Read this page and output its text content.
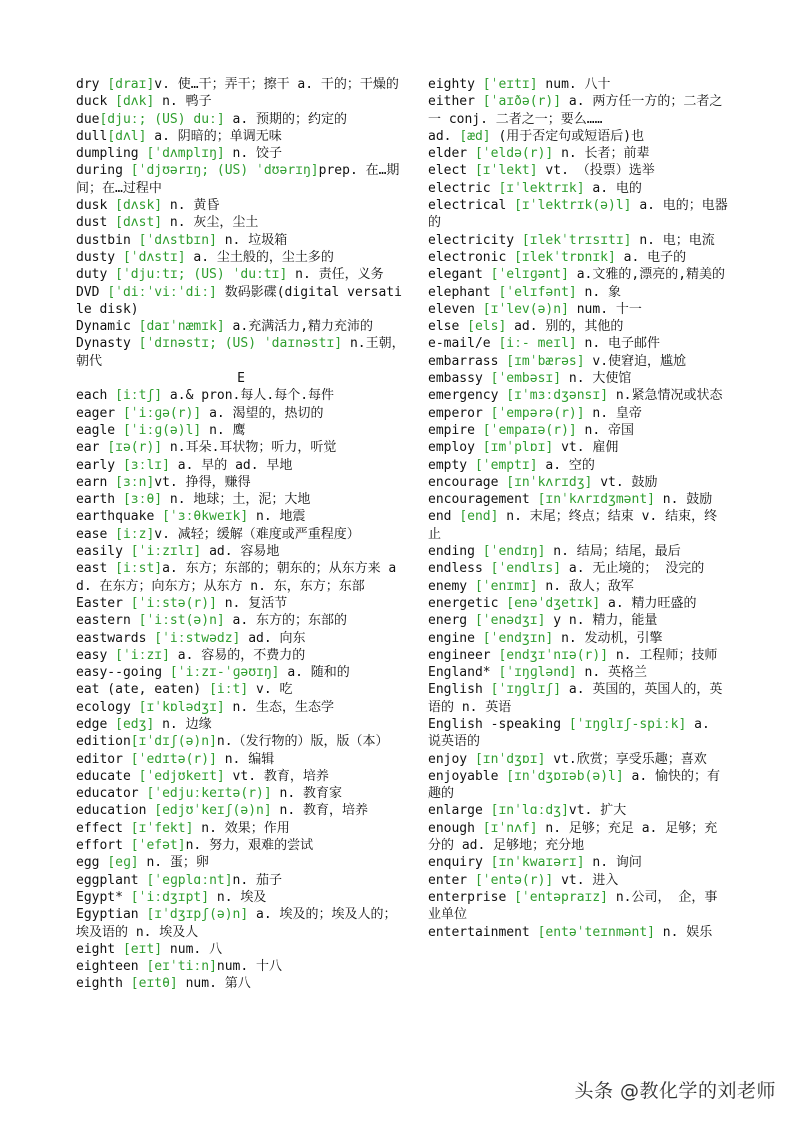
dry [draɪ]v. 使…干；弄干；擦干 a. 干的；干燥的
duck [dʌk] n. 鸭子
due[djuː; (US) duː] a. 预期的；约定的
dull[dʌl] a. 阴暗的；单调无味
dumpling [ˈdʌmplɪŋ] n. 饺子
during [ˈdjʊərɪŋ; (US) ˈdʊərɪŋ]prep. 在…期间；在…过程中
dusk [dʌsk] n. 黄昏
dust [dʌst] n. 灰尘，尘土
dustbin [ˈdʌstbɪn] n. 垃圾箱
dusty [ˈdʌstɪ] a. 尘土般的，尘土多的
duty [ˈdjuːtɪ; (US) ˈduːtɪ] n. 责任，义务
DVD [ˈdiːˈviːˈdiː] 数码影碟(digital versatile disk)
Dynamic [daɪˈnæmɪk] a.充满活力,精力充沛的
Dynasty [ˈdɪnəstɪ; (US) ˈdaɪnəstɪ] n.王朝，朝代
E
each [iːtʃ] a.& pron.每人.每个.每件
eager [ˈiːɡə(r)] a. 渴望的，热切的
eagle [ˈiːɡ(ə)l] n. 鹰
ear [ɪə(r)] n.耳朵.耳状物；听力，听觉
early [ɜːlɪ] a. 早的 ad. 早地
earn [ɜːn]vt. 挣得，赚得
earth [ɜːθ] n. 地球；土，泥；大地
earthquake [ˈɜːθkweɪk] n. 地震
ease [iːz]v. 减轻；缓解（难度或严重程度）
easily [ˈiːzɪlɪ] ad. 容易地
east [iːst]a. 东方；东部的；朝东的；从东方来 ad. 在东方；向东方；从东方 n. 东，东方；东部
Easter [ˈiːstə(r)] n. 复活节
eastern [ˈiːst(ə)n] a. 东方的；东部的
eastwards [ˈiːstwədz] ad. 向东
easy [ˈiːzɪ] a. 容易的，不费力的
easy--going [ˈiːzɪ-ˈɡəʊɪŋ] a. 随和的
eat (ate, eaten) [iːt] v. 吃
ecology [ɪˈkɒlədʒɪ] n. 生态，生态学
edge [edʒ] n. 边缘
edition[ɪˈdɪʃ(ə)n]n.（发行物的）版，版（本）
editor [ˈedɪtə(r)] n. 编辑
educate [ˈedjʊkeɪt] vt. 教育，培养
educator [ˈedjuːkeɪtə(r)] n. 教育家
education [edjʊˈkeɪʃ(ə)n] n. 教育，培养
effect [ɪˈfekt] n. 效果；作用
effort [ˈefət]n. 努力，艰难的尝试
egg [eɡ] n. 蛋；卵
eggplant [ˈeɡplɑːnt]n. 茄子
Egypt* [ˈiːdʒɪpt] n. 埃及
Egyptian [ɪˈdʒɪpʃ(ə)n] a. 埃及的；埃及人的；埃及语的 n. 埃及人
eight [eɪt] num. 八
eighteen [eɪˈtiːn]num. 十八
eighth [eɪtθ] num. 第八
eighty [ˈeɪtɪ] num. 八十
either [ˈaɪðə(r)] a. 两方任一方的；二者之一 conj. 二者之一；要么……
ad. [æd] (用于否定句或短语后)也
elder [ˈeldə(r)] n. 长者；前辈
elect [ɪˈlekt] vt. （投票）选举
electric [ɪˈlektrɪk] a. 电的
electrical [ɪˈlektrɪk(ə)l] a. 电的；电器的
electricity [ɪlekˈtrɪsɪtɪ] n. 电；电流
electronic [ɪlekˈtrɒnɪk] a. 电子的
elegant [ˈelɪɡənt] a.文雅的,漂亮的,精美的
elephant [ˈelɪfənt] n. 象
eleven [ɪˈlev(ə)n] num. 十一
else [els] ad. 别的，其他的
e-mail/e [iː- meɪl] n. 电子邮件
embarrass [ɪmˈbærəs] v.使窘迫，尴尬
embassy [ˈembəsɪ] n. 大使馆
emergency [ɪˈmɜːdʒənsɪ] n.紧急情况或状态
emperor [ˈempərə(r)] n. 皇帝
empire [ˈempaɪə(r)] n. 帝国
employ [ɪmˈplɒɪ] vt. 雇佣
empty [ˈemptɪ] a. 空的
encourage [ɪnˈkʌrɪdʒ] vt. 鼓励
encouragement [ɪnˈkʌrɪdʒmənt] n. 鼓励
end [end] n. 末尾；终点；结束 v. 结束，终止
ending [ˈendɪŋ] n. 结局；结尾，最后
endless [ˈendlɪs] a. 无止境的； 没完的
enemy [ˈenɪmɪ] n. 敌人；敌军
energetic [enəˈdʒetɪk] a. 精力旺盛的
energ [ˈenədʒɪ] y n. 精力，能量
engine [ˈendʒɪn] n. 发动机，引擎
engineer [endʒɪˈnɪə(r)] n. 工程师；技师
England* [ˈɪŋɡlənd] n. 英格兰
English [ˈɪŋɡlɪʃ] a. 英国的，英国人的，英语的 n. 英语
English -speaking [ˈɪŋɡlɪʃ-spiːk] a. 说英语的
enjoy [ɪnˈdʒɒɪ] vt.欣赏；享受乐趣；喜欢
enjoyable [ɪnˈdʒɒɪəb(ə)l] a. 愉快的；有趣的
enlarge [ɪnˈlɑːdʒ]vt. 扩大
enough [ɪˈnʌf] n. 足够；充足 a. 足够；充分的 ad. 足够地；充分地
enquiry [ɪnˈkwaɪərɪ] n. 询问
enter [ˈentə(r)] vt. 进入
enterprise [ˈentəpraɪz] n.公司， 企，事业单位
entertainment [entəˈteɪnmənt] n. 娱乐
头条 @教化学的刘老师
